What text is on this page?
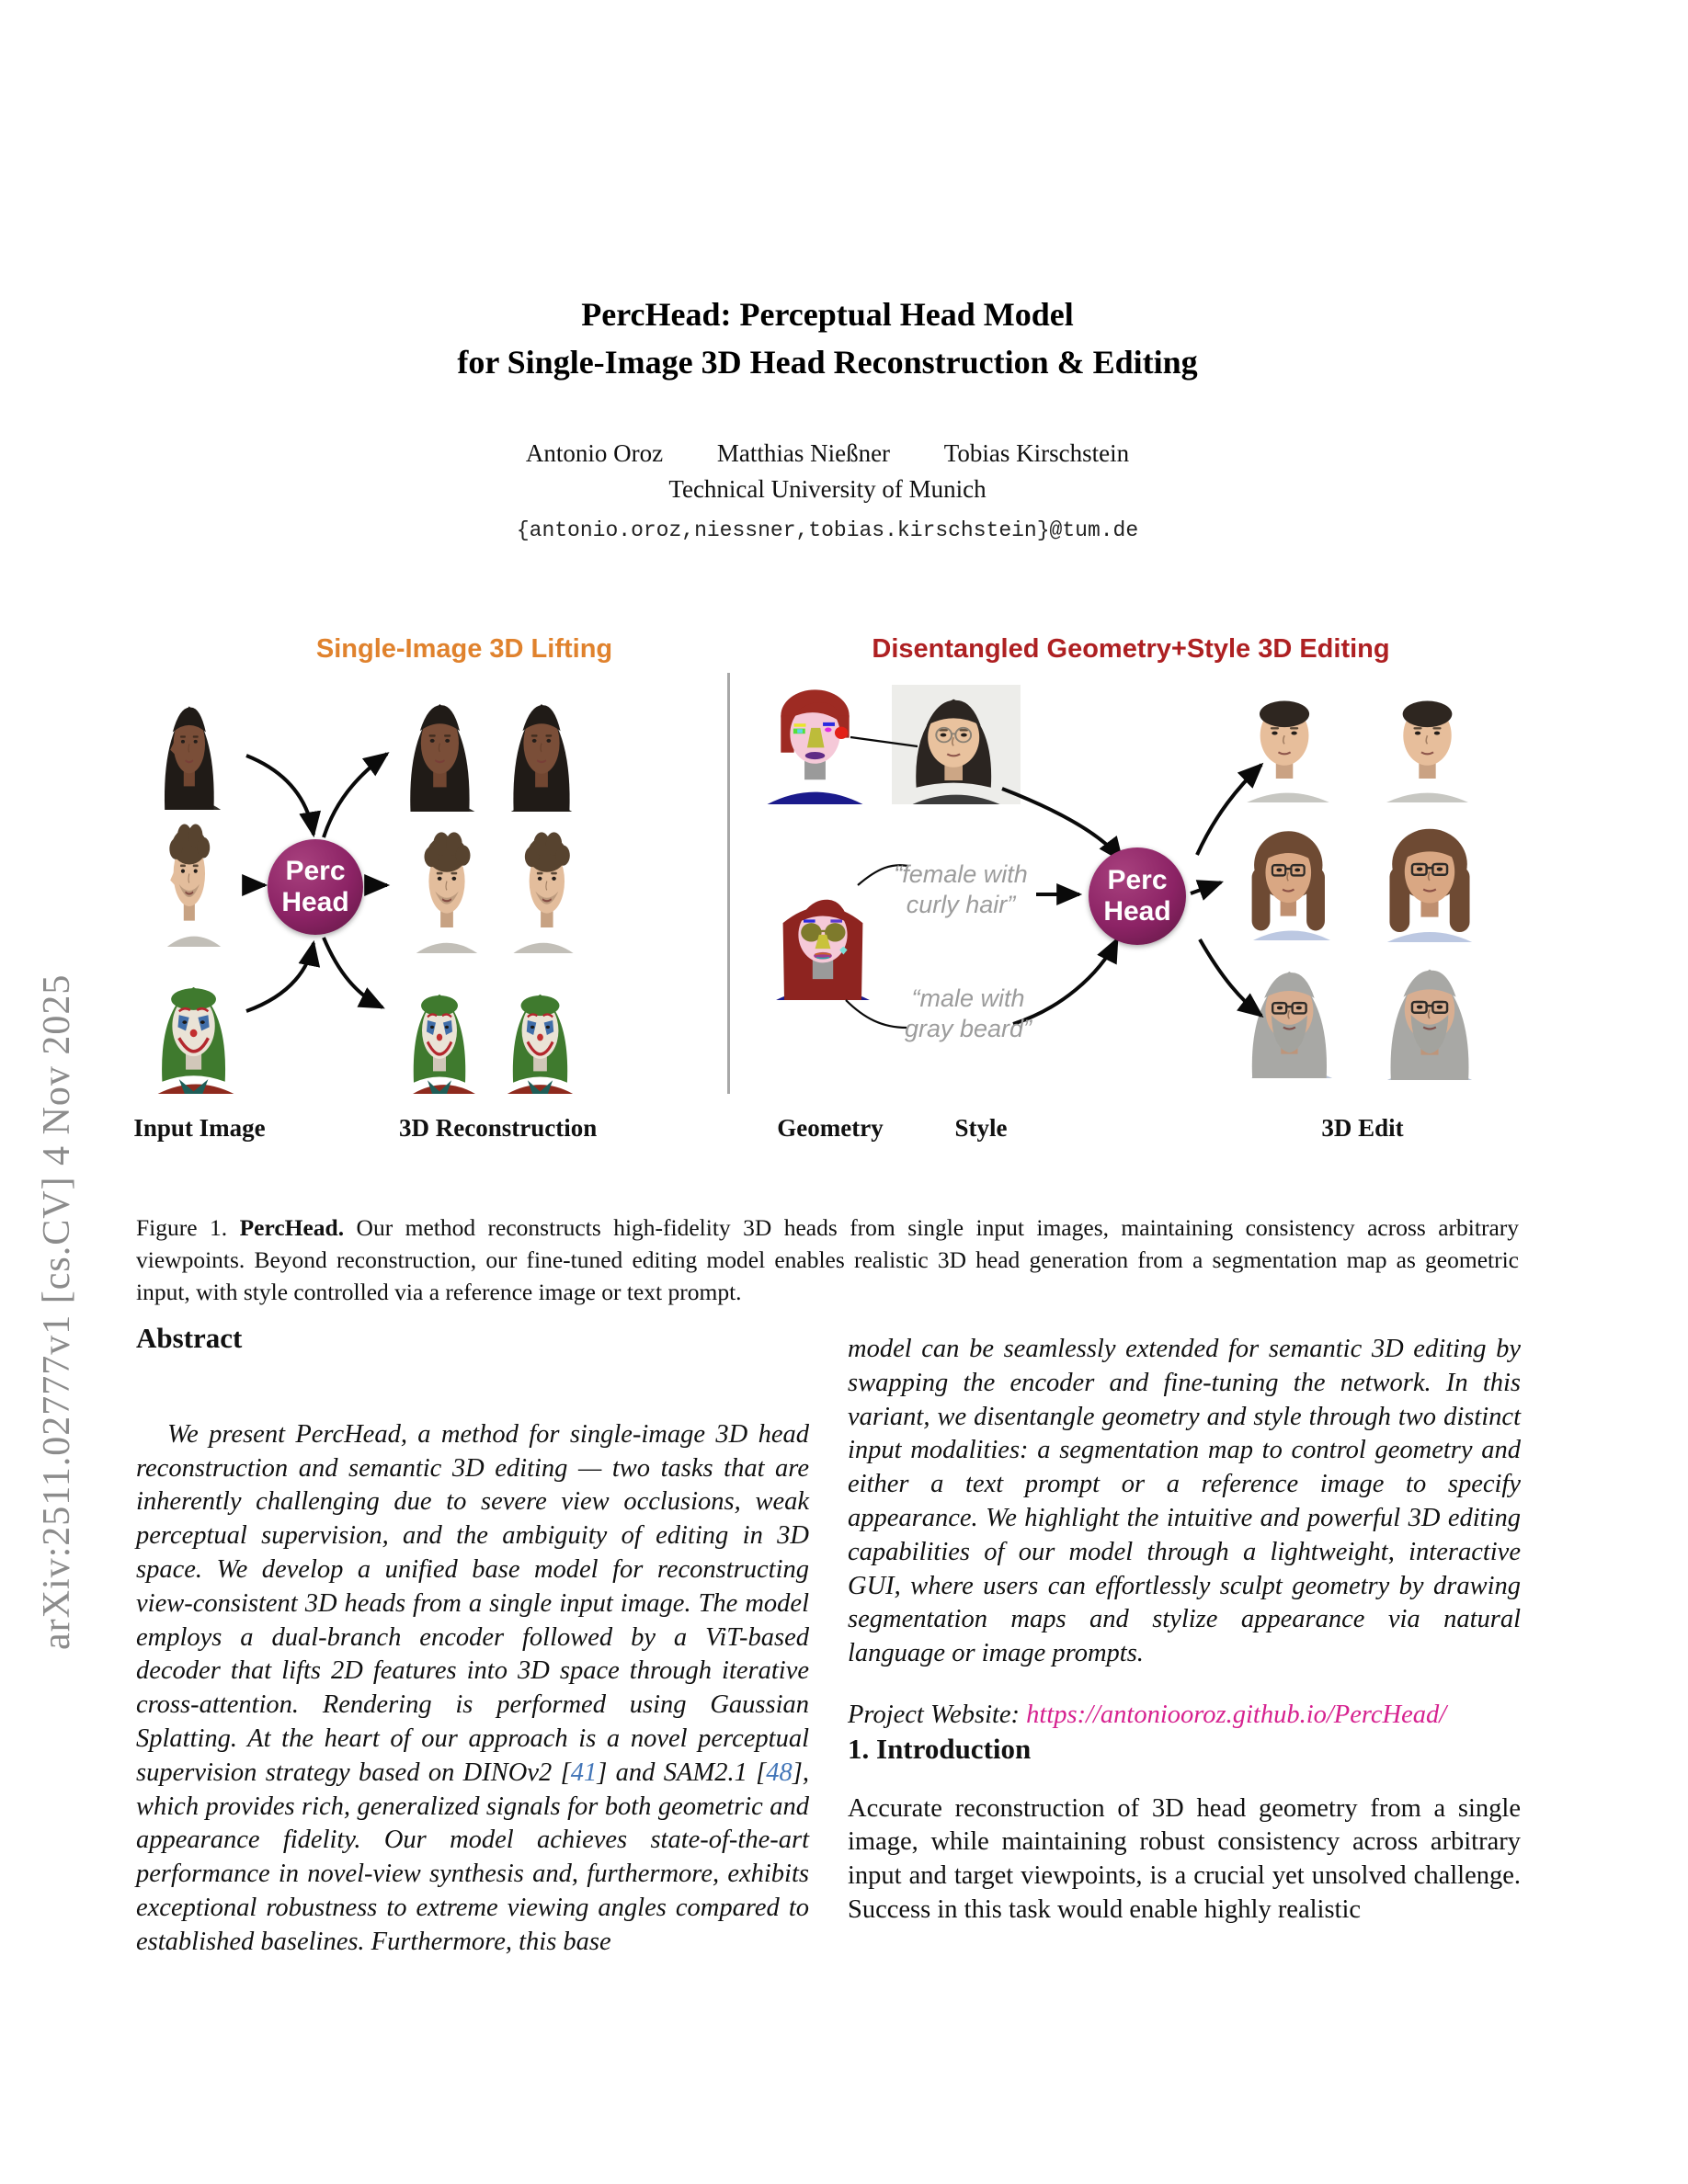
arXiv:2511.02777v1 [cs.CV] 4 Nov 2025
PercHead: Perceptual Head Model
for Single-Image 3D Head Reconstruction & Editing
Antonio Oroz Matthias Nießner Tobias Kirschstein
Technical University of Munich
{antonio.oroz,niessner,tobias.kirschstein}@tum.de
Single-Image 3D Lifting	Disentangled Geometry+Style 3D Editing
Perc
Head
Perc
Head
“female with
curly hair”
“male with
gray beard”
Input Image	3D Reconstruction	Geometry	Style	3D Edit

Figure 1. PercHead. Our method reconstructs high-fidelity 3D heads from single input images, maintaining consistency across arbitrary viewpoints. Beyond reconstruction, our fine-tuned editing model enables realistic 3D head generation from a segmentation map as geometric input, with style controlled via a reference image or text prompt.

Abstract

We present PercHead, a method for single-image 3D head reconstruction and semantic 3D editing — two tasks that are inherently challenging due to severe view occlusions, weak perceptual supervision, and the ambiguity of editing in 3D space. We develop a unified base model for reconstructing view-consistent 3D heads from a single input image. The model employs a dual-branch encoder followed by a ViT-based decoder that lifts 2D features into 3D space through iterative cross-attention. Rendering is performed using Gaussian Splatting. At the heart of our approach is a novel perceptual supervision strategy based on DINOv2 [41] and SAM2.1 [48], which provides rich, generalized signals for both geometric and appearance fidelity. Our model achieves state-of-the-art performance in novel-view synthesis and, furthermore, exhibits exceptional robustness to extreme viewing angles compared to established baselines. Furthermore, this base

model can be seamlessly extended for semantic 3D editing by swapping the encoder and fine-tuning the network. In this variant, we disentangle geometry and style through two distinct input modalities: a segmentation map to control geometry and either a text prompt or a reference image to specify appearance. We highlight the intuitive and powerful 3D editing capabilities of our model through a lightweight, interactive GUI, where users can effortlessly sculpt geometry by drawing segmentation maps and stylize appearance via natural language or image prompts.

Project Website: https://antoniooroz.github.io/PercHead/

1. Introduction

Accurate reconstruction of 3D head geometry from a single image, while maintaining robust consistency across arbitrary input and target viewpoints, is a crucial yet unsolved challenge. Success in this task would enable highly realistic
